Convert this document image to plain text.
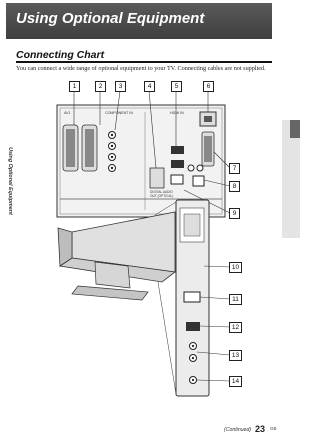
Using Optional Equipment
Connecting Chart
You can connect a wide range of optional equipment to your TV. Connecting cables are not supplied.
Using Optional Equipment
AV1	COMPONENT IN	HDMI IN
DIGITAL AUDIO OUT (OPTICAL)
1	2	3	4	5	6
7
8
9
10
11
12
13
14
(Continued) 23 GB
